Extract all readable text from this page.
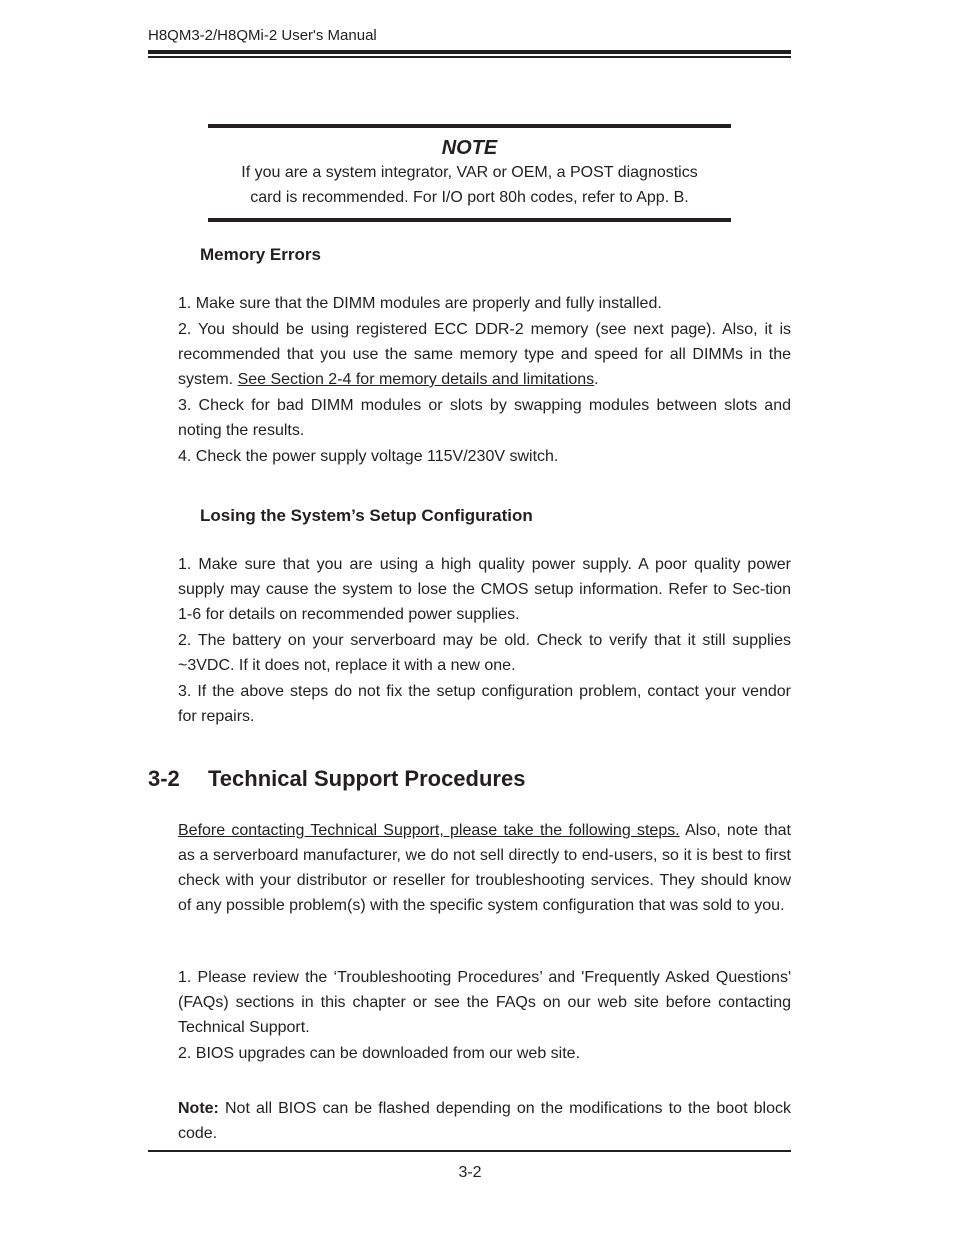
H8QM3-2/H8QMi-2 User's Manual
NOTE
If you are a system integrator, VAR or OEM, a POST diagnostics
card is recommended. For I/O port 80h codes, refer to App. B.
Memory Errors

1. Make sure that the DIMM modules are properly and fully installed.

2. You should be using registered ECC DDR-2 memory (see next page). Also, it is recommended that you use the same memory type and speed for all DIMMs in the system. See Section 2-4 for memory details and limitations.

3. Check for bad DIMM modules or slots by swapping modules between slots and noting the results.

4. Check the power supply voltage 115V/230V switch.

Losing the System’s Setup Configuration

1. Make sure that you are using a high quality power supply. A poor quality power supply may cause the system to lose the CMOS setup information. Refer to Sec-tion 1-6 for details on recommended power supplies.

2. The battery on your serverboard may be old. Check to verify that it still supplies ~3VDC. If it does not, replace it with a new one.

3. If the above steps do not fix the setup configuration problem, contact your vendor for repairs.

3-2 Technical Support Procedures

Before contacting Technical Support, please take the following steps. Also, note that as a serverboard manufacturer, we do not sell directly to end-users, so it is best to first check with your distributor or reseller for troubleshooting services. They should know of any possible problem(s) with the specific system configuration that was sold to you.

1. Please review the ‘Troubleshooting Procedures’ and 'Frequently Asked Questions' (FAQs) sections in this chapter or see the FAQs on our web site before contacting Technical Support.

2. BIOS upgrades can be downloaded from our web site.

Note: Not all BIOS can be flashed depending on the modifications to the boot block code.

3-2
